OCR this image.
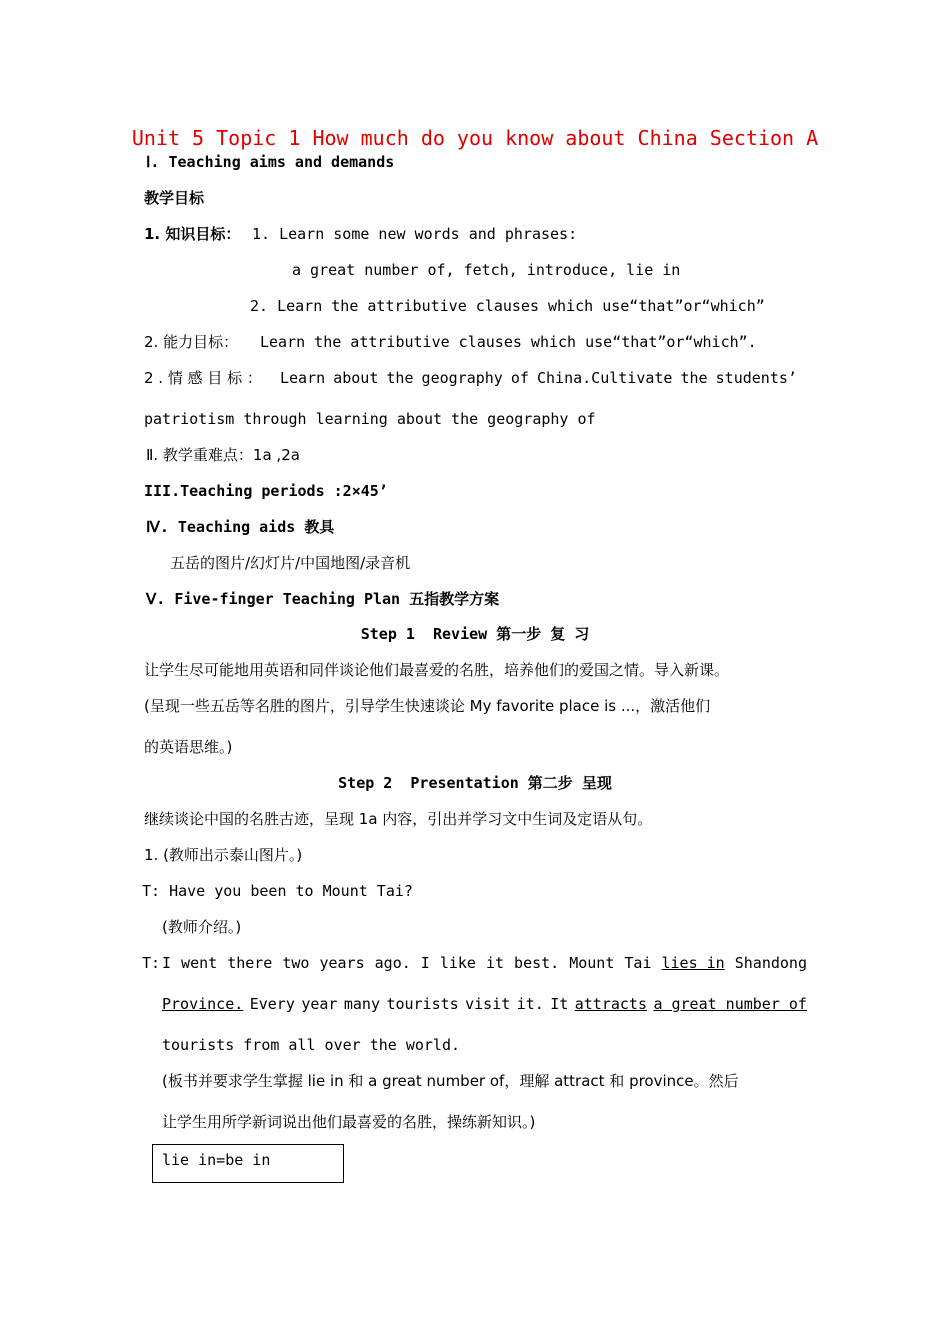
Unit 5 Topic 1 How much do you know about China Section A
Ⅰ. Teaching aims and demands
教学目标
1. 知识目标： 1. Learn some new words and phrases:
a great number of, fetch, introduce, lie in
2. Learn the attributive clauses which use“that”or“which”
2. 能力目标： Learn the attributive clauses which use“that”or“which”.
2 . 情 感 目 标 ： Learn about the geography of China.Cultivate the students’
patriotism through learning about the geography of
Ⅱ. 教学重难点：1a ,2a
III.Teaching periods :2×45’
Ⅳ. Teaching aids 教具
五岳的图片/幻灯片/中国地图/录音机
Ⅴ. Five-finger Teaching Plan 五指教学方案
Step 1  Review 第一步 复 习
让学生尽可能地用英语和同伴谈论他们最喜爱的名胜，培养他们的爱国之情。导入新课。
(呈现一些五岳等名胜的图片，引导学生快速谈论 My favorite place is ...，激活他们
的英语思维。)
Step 2  Presentation 第二步 呈现
继续谈论中国的名胜古迹，呈现 1a 内容，引出并学习文中生词及定语从句。
1. (教师出示泰山图片。)
T: Have you been to Mount Tai?
(教师介绍。)
T: I went there two years ago. I like it best. Mount Tai lies in Shandong
Province. Every year many tourists visit it. It attracts a great number of
tourists from all over the world.
(板书并要求学生掌握 lie in 和 a great number of，理解 attract 和 province。然后
让学生用所学新词说出他们最喜爱的名胜，操练新知识。)
lie in=be in
